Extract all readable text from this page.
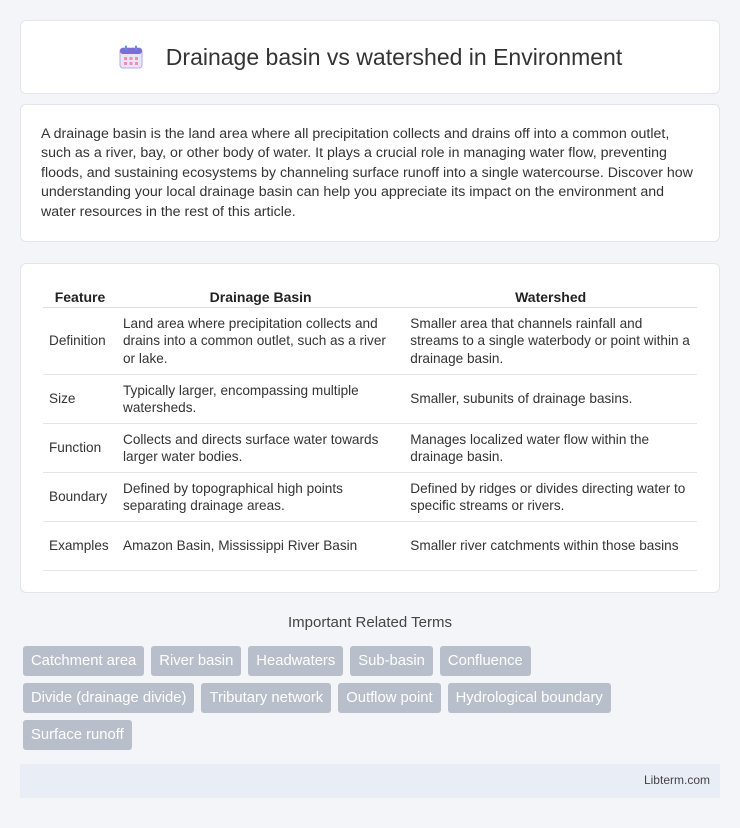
Drainage basin vs watershed in Environment

A drainage basin is the land area where all precipitation collects and drains off into a common outlet, such as a river, bay, or other body of water. It plays a crucial role in managing water flow, preventing floods, and sustaining ecosystems by channeling surface runoff into a single watercourse. Discover how understanding your local drainage basin can help you appreciate its impact on the environment and water resources in the rest of this article.

Feature	Drainage Basin	Watershed
Definition	Land area where precipitation collects and drains into a common outlet, such as a river or lake.	Smaller area that channels rainfall and streams to a single waterbody or point within a drainage basin.
Size	Typically larger, encompassing multiple watersheds.	Smaller, subunits of drainage basins.
Function	Collects and directs surface water towards larger water bodies.	Manages localized water flow within the drainage basin.
Boundary	Defined by topographical high points separating drainage areas.	Defined by ridges or divides directing water to specific streams or rivers.
Examples	Amazon Basin, Mississippi River Basin	Smaller river catchments within those basins
Important Related Terms
Catchment area	River basin	Headwaters	Sub-basin	Confluence
Divide (drainage divide)	Tributary network	Outflow point	Hydrological boundary
Surface runoff
Libterm.com
